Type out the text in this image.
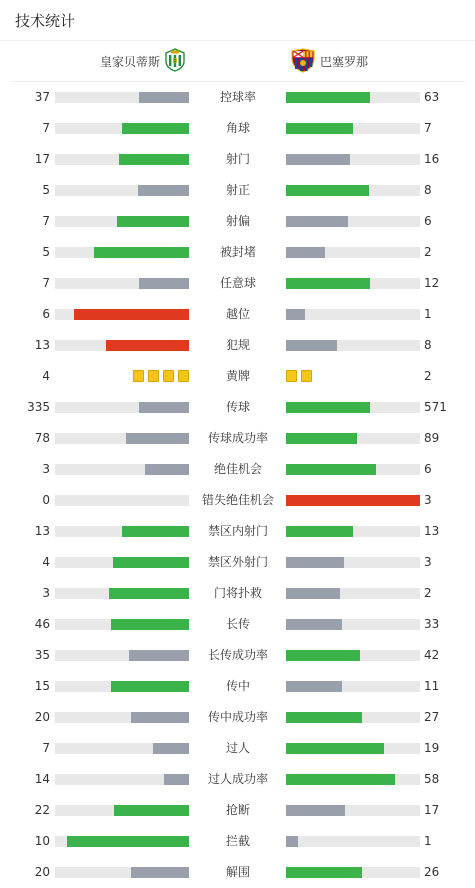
技术统计
皇家贝蒂斯 B	巴塞罗那
37	控球率	63
7	角球	7
17	射门	16
5	射正	8
7	射偏	6
5	被封堵	2
7	任意球	12
6	越位	1
13	犯规	8
4	黄牌	2
335	传球	571
78	传球成功率	89
3	绝佳机会	6
0	错失绝佳机会	3
13	禁区内射门	13
4	禁区外射门	3
3	门将扑救	2
46	长传	33
35	长传成功率	42
15	传中	11
20	传中成功率	27
7	过人	19
14	过人成功率	58
22	抢断	17
10	拦截	1
20	解围	26
